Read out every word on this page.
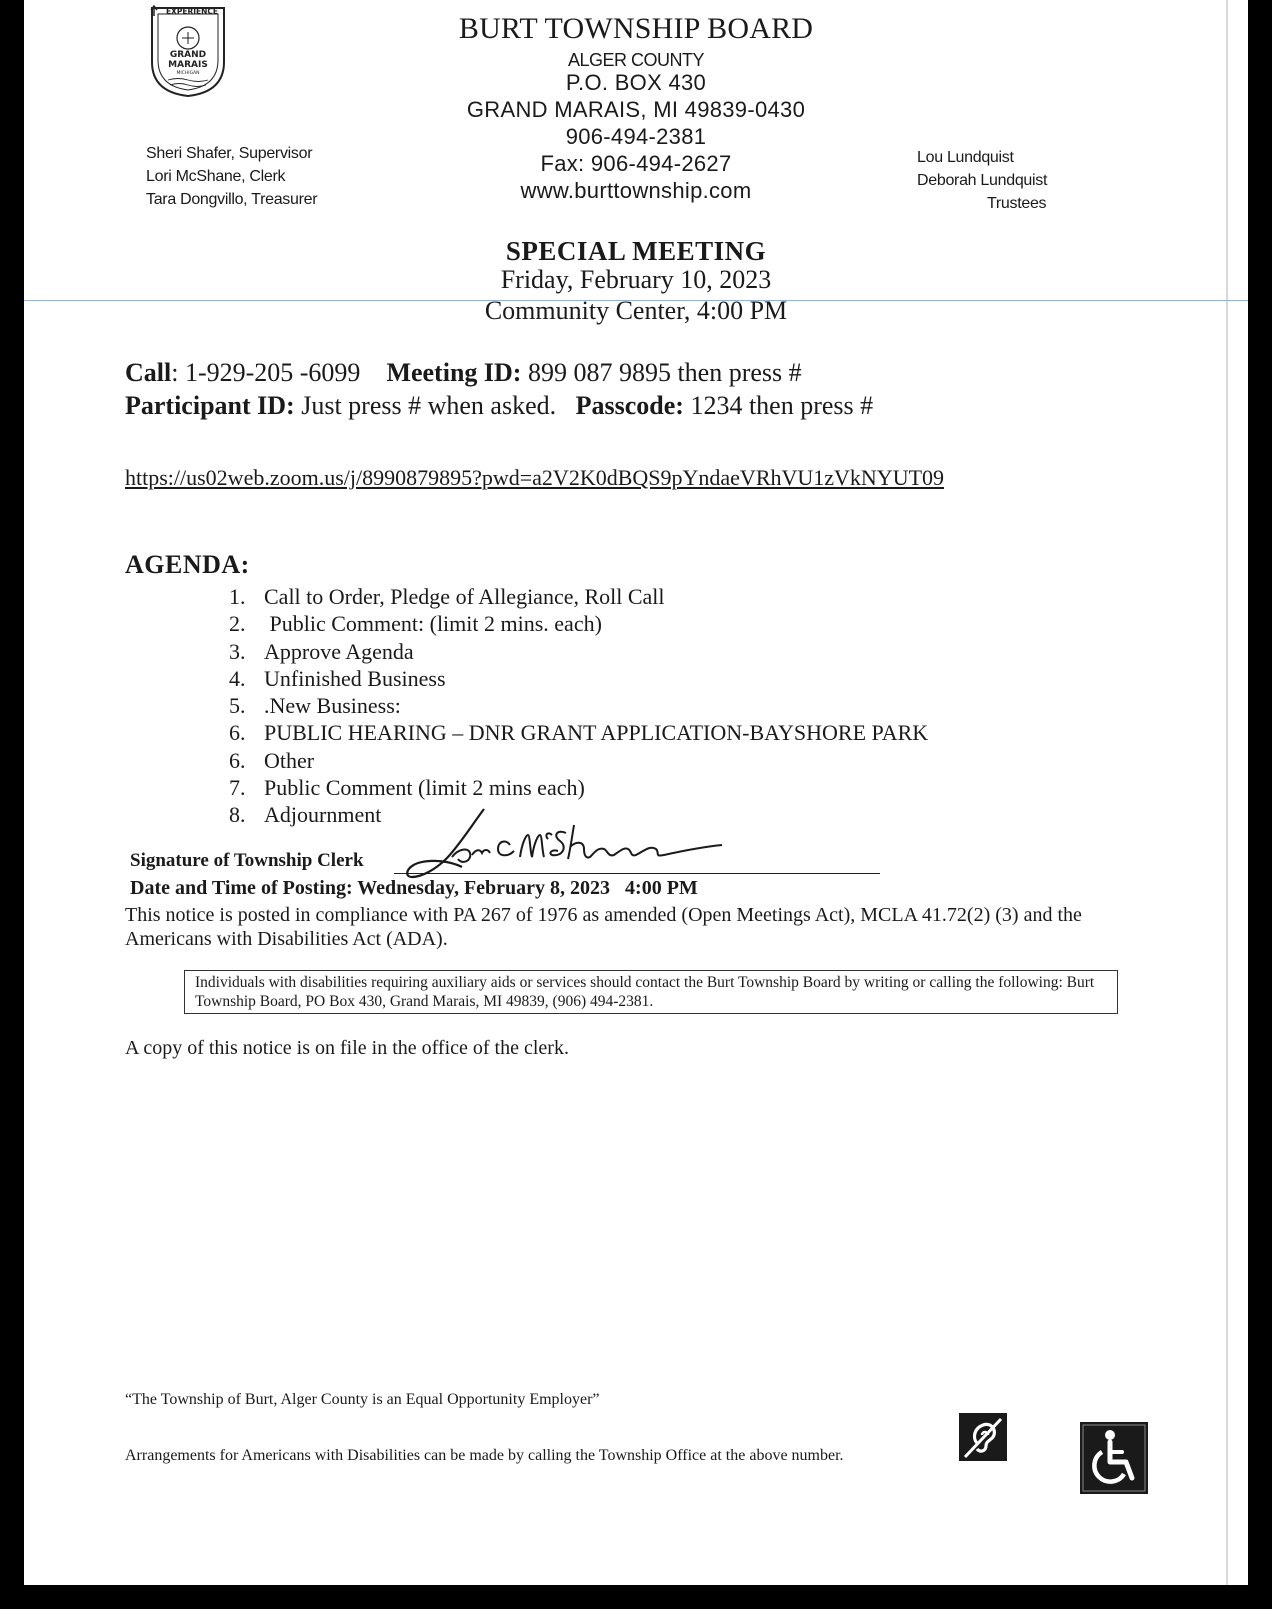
EXPERIENCE
GRAND
MARAIS
MICHIGAN
BURT TOWNSHIP BOARD
ALGER COUNTY
P.O. BOX 430
GRAND MARAIS, MI 49839-0430
906-494-2381
Fax: 906-494-2627
www.burttownship.com
Sheri Shafer, Supervisor
Lori McShane, Clerk
Tara Dongvillo, Treasurer
Lou Lundquist
Deborah Lundquist
Trustees
SPECIAL MEETING
Friday, February 10, 2023
Community Center, 4:00 PM
Call: 1-929-205 -6099 Meeting ID: 899 087 9895 then press #
Participant ID: Just press # when asked. Passcode: 1234 then press #
https://us02web.zoom.us/j/8990879895?pwd=a2V2K0dBQS9pYndaeVRhVU1zVkNYUT09
AGENDA:
1. Call to Order, Pledge of Allegiance, Roll Call
2. Public Comment: (limit 2 mins. each)
3. Approve Agenda
4. Unfinished Business
5. .New Business:
6. PUBLIC HEARING – DNR GRANT APPLICATION-BAYSHORE PARK
6. Other
7. Public Comment (limit 2 mins each)
8. Adjournment
Signature of Township Clerk
Date and Time of Posting: Wednesday, February 8, 2023   4:00 PM
This notice is posted in compliance with PA 267 of 1976 as amended (Open Meetings Act), MCLA 41.72(2) (3) and the Americans with Disabilities Act (ADA).
Individuals with disabilities requiring auxiliary aids or services should contact the Burt Township Board by writing or calling the following: Burt Township Board, PO Box 430, Grand Marais, MI 49839, (906) 494-2381.
A copy of this notice is on file in the office of the clerk.
“The Township of Burt, Alger County is an Equal Opportunity Employer”
Arrangements for Americans with Disabilities can be made by calling the Township Office at the above number.
